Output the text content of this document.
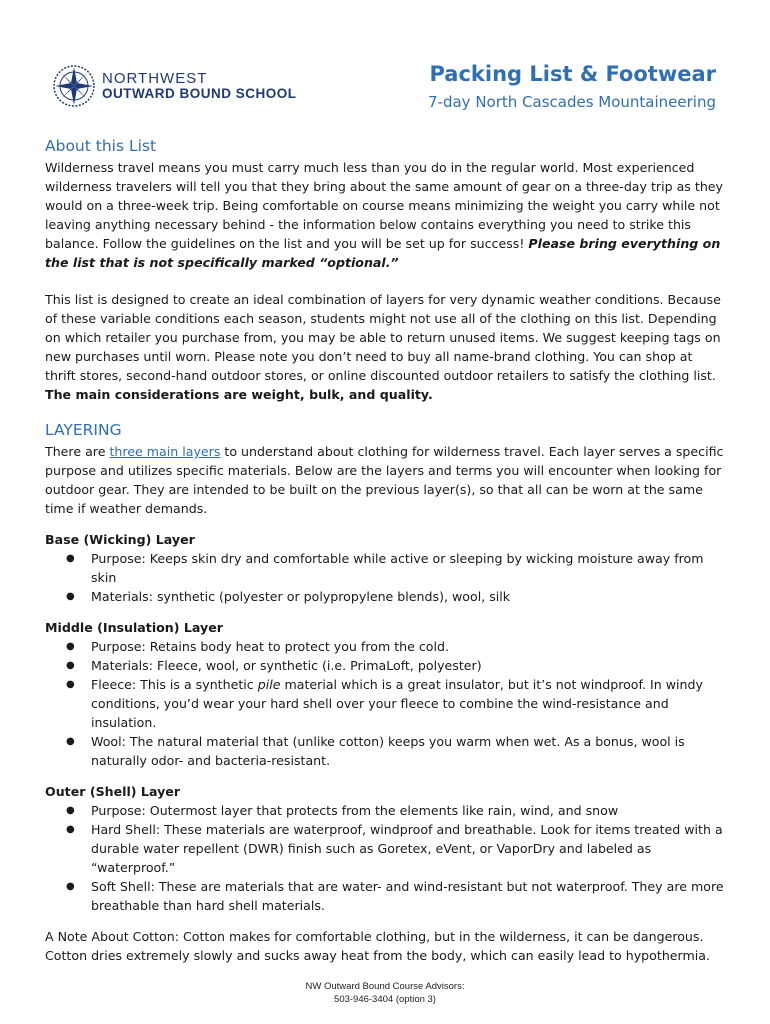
NORTHWEST
OUTWARD BOUND SCHOOL
Packing List & Footwear
7-day North Cascades Mountaineering
About this List

Wilderness travel means you must carry much less than you do in the regular world. Most experienced wilderness travelers will tell you that they bring about the same amount of gear on a three-day trip as they would on a three-week trip. Being comfortable on course means minimizing the weight you carry while not leaving anything necessary behind - the information below contains everything you need to strike this balance. Follow the guidelines on the list and you will be set up for success! Please bring everything on the list that is not specifically marked “optional.”

This list is designed to create an ideal combination of layers for very dynamic weather conditions. Because of these variable conditions each season, students might not use all of the clothing on this list. Depending on which retailer you purchase from, you may be able to return unused items. We suggest keeping tags on new purchases until worn. Please note you don’t need to buy all name-brand clothing. You can shop at thrift stores, second-hand outdoor stores, or online discounted outdoor retailers to satisfy the clothing list. The main considerations are weight, bulk, and quality.

LAYERING

There are three main layers to understand about clothing for wilderness travel. Each layer serves a specific purpose and utilizes specific materials. Below are the layers and terms you will encounter when looking for outdoor gear. They are intended to be built on the previous layer(s), so that all can be worn at the same time if weather demands.

Base (Wicking) Layer
● Purpose: Keeps skin dry and comfortable while active or sleeping by wicking moisture away from skin
● Materials: synthetic (polyester or polypropylene blends), wool, silk
Middle (Insulation) Layer
● Purpose: Retains body heat to protect you from the cold.
● Materials: Fleece, wool, or synthetic (i.e. PrimaLoft, polyester)
● Fleece: This is a synthetic pile material which is a great insulator, but it’s not windproof. In windy conditions, you’d wear your hard shell over your fleece to combine the wind-resistance and insulation.
● Wool: The natural material that (unlike cotton) keeps you warm when wet. As a bonus, wool is naturally odor- and bacteria-resistant.
Outer (Shell) Layer
● Purpose: Outermost layer that protects from the elements like rain, wind, and snow
● Hard Shell: These materials are waterproof, windproof and breathable. Look for items treated with a durable water repellent (DWR) finish such as Goretex, eVent, or VaporDry and labeled as “waterproof.”
● Soft Shell: These are materials that are water- and wind-resistant but not waterproof. They are more breathable than hard shell materials.

A Note About Cotton: Cotton makes for comfortable clothing, but in the wilderness, it can be dangerous. Cotton dries extremely slowly and sucks away heat from the body, which can easily lead to hypothermia.

NW Outward Bound Course Advisors:
503-946-3404 (option 3)
